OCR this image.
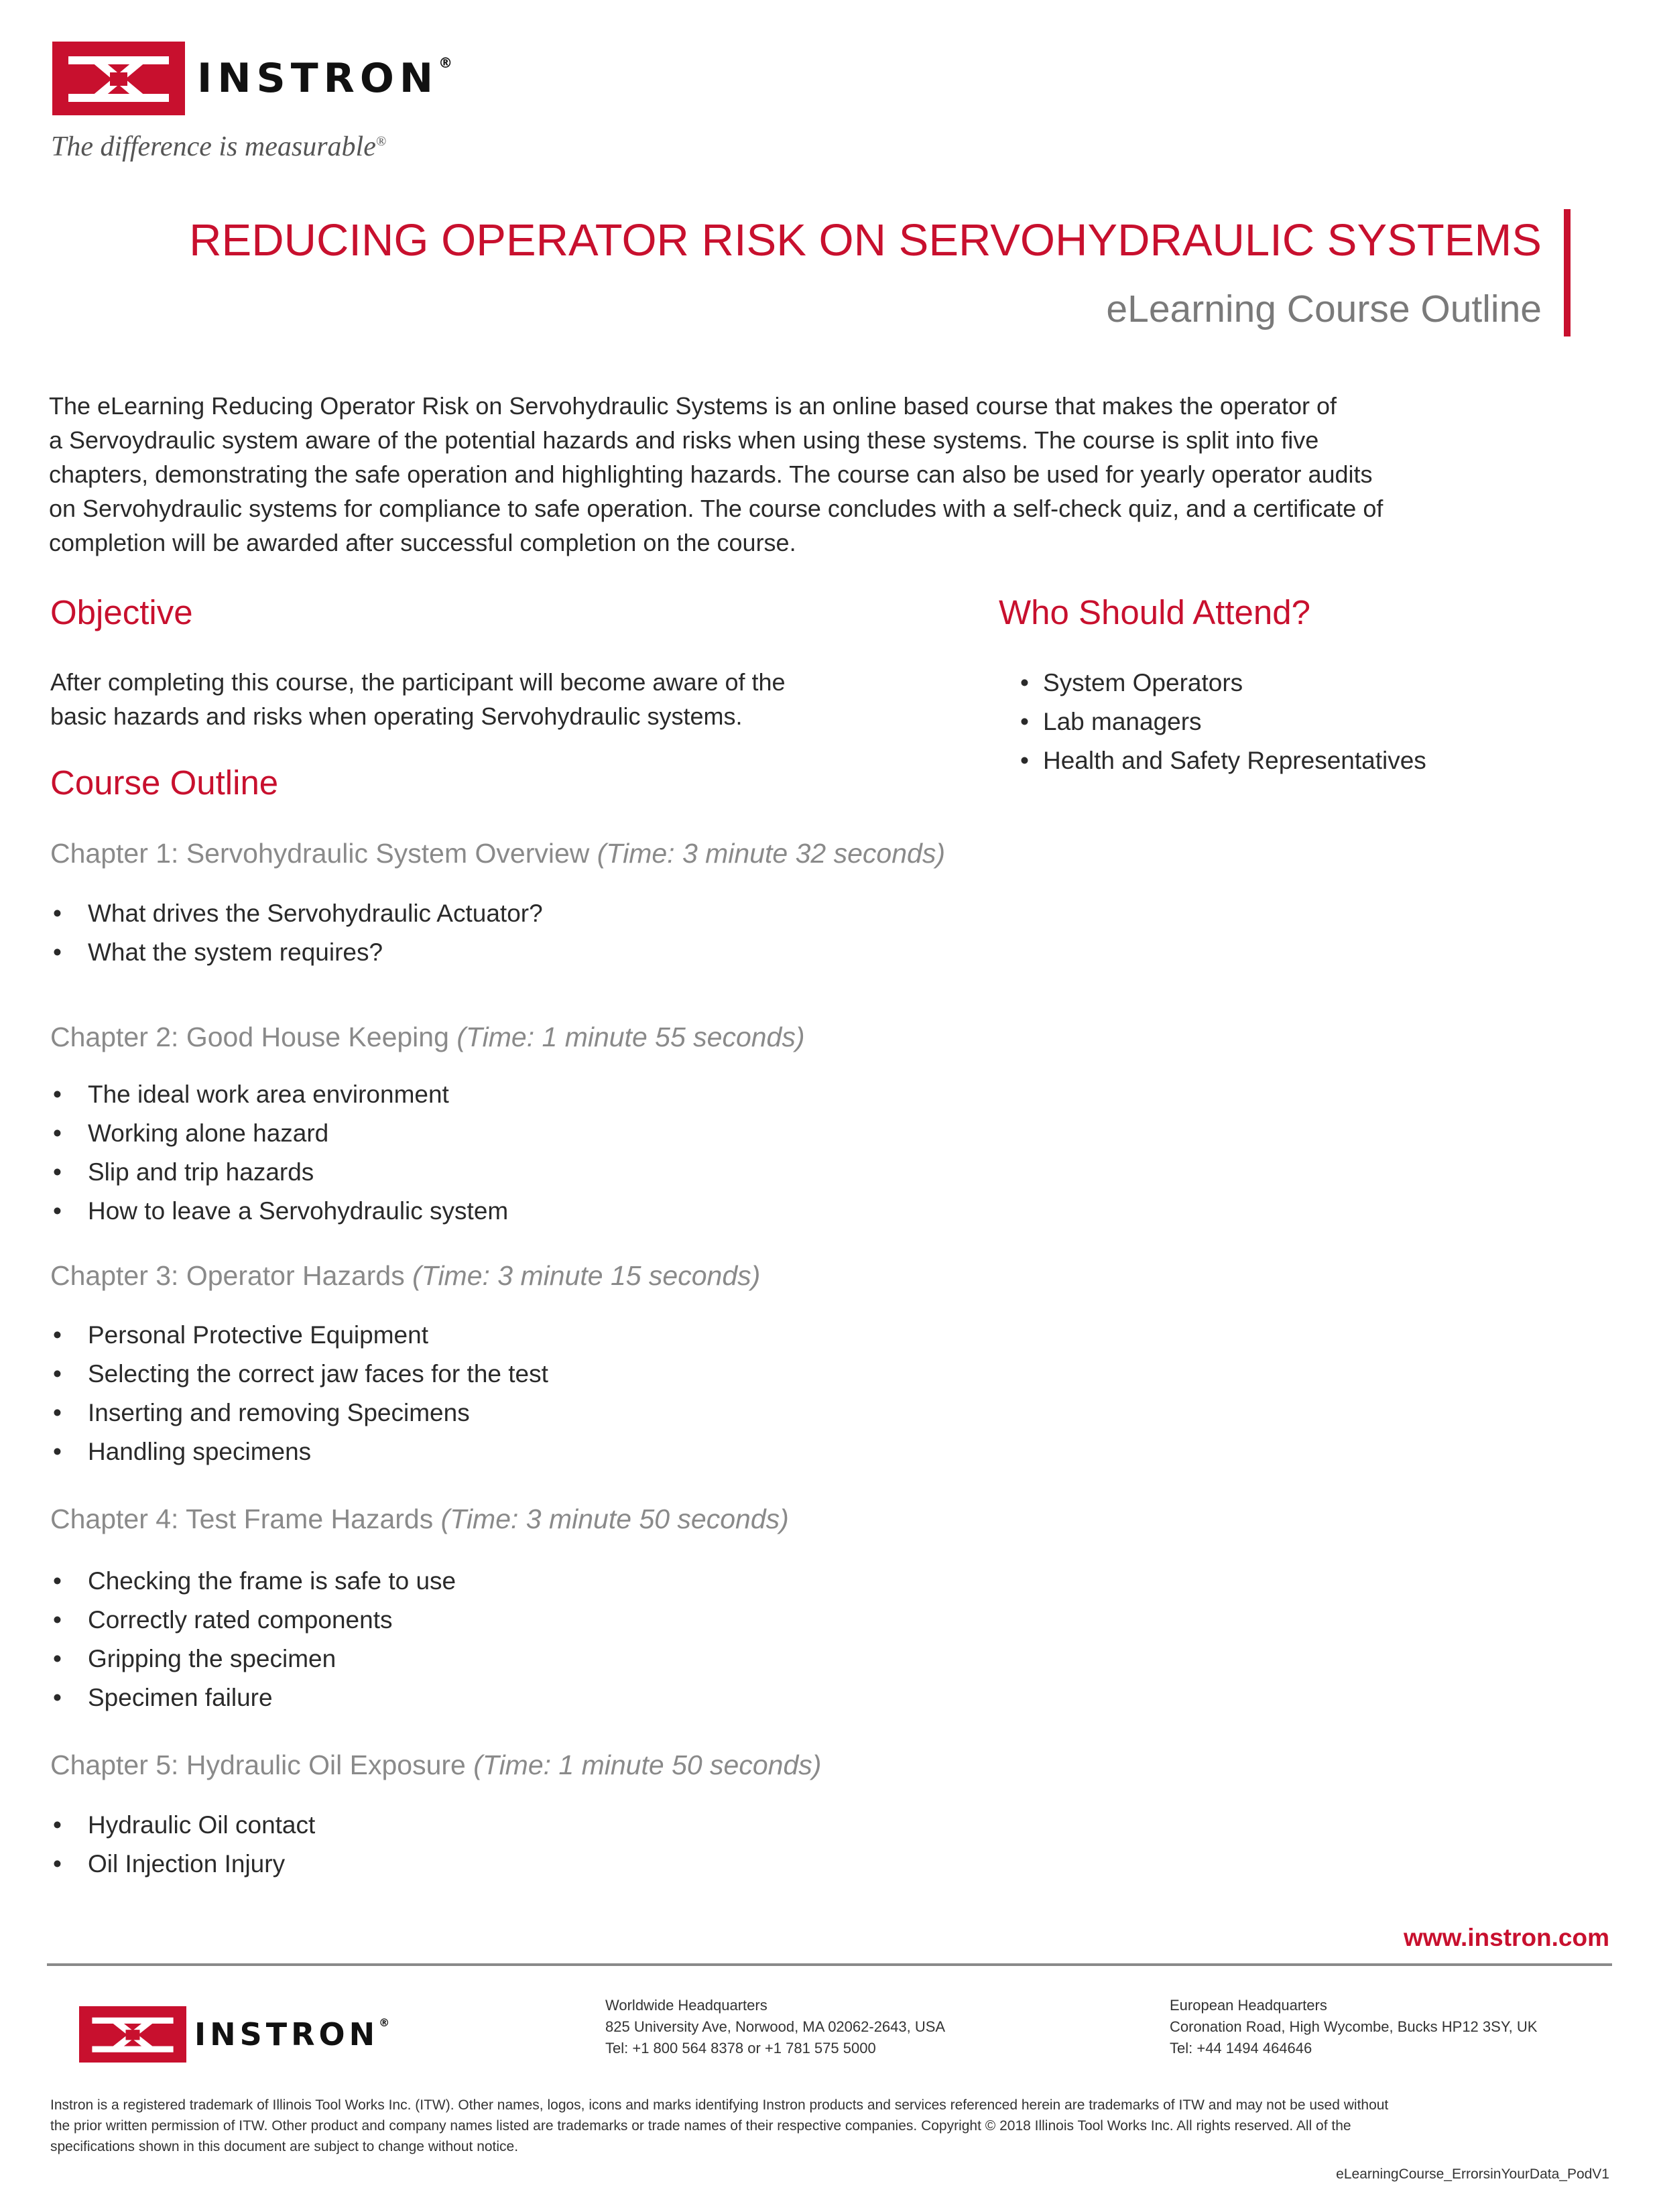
INSTRON®
The difference is measurable®
REDUCING OPERATOR RISK ON SERVOHYDRAULIC SYSTEMS
eLearning Course Outline
The eLearning Reducing Operator Risk on Servohydraulic Systems is an online based course that makes the operator of
a Servoydraulic system aware of the potential hazards and risks when using these systems. The course is split into five
chapters, demonstrating the safe operation and highlighting hazards. The course can also be used for yearly operator audits
on Servohydraulic systems for compliance to safe operation. The course concludes with a self-check quiz, and a certificate of
completion will be awarded after successful completion on the course.
Objective
After completing this course, the participant will become aware of the
basic hazards and risks when operating Servohydraulic systems.
Who Should Attend?
• System Operators
• Lab managers
• Health and Safety Representatives
Course Outline
Chapter 1: Servohydraulic System Overview (Time: 3 minute 32 seconds)
• What drives the Servohydraulic Actuator?
• What the system requires?
Chapter 2: Good House Keeping (Time: 1 minute 55 seconds)
• The ideal work area environment
• Working alone hazard
• Slip and trip hazards
• How to leave a Servohydraulic system
Chapter 3: Operator Hazards (Time: 3 minute 15 seconds)
• Personal Protective Equipment
• Selecting the correct jaw faces for the test
• Inserting and removing Specimens
• Handling specimens
Chapter 4: Test Frame Hazards (Time: 3 minute 50 seconds)
• Checking the frame is safe to use
• Correctly rated components
• Gripping the specimen
• Specimen failure
Chapter 5: Hydraulic Oil Exposure (Time: 1 minute 50 seconds)
• Hydraulic Oil contact
• Oil Injection Injury
www.instron.com
INSTRON®
Worldwide Headquarters
825 University Ave, Norwood, MA 02062-2643, USA
Tel: +1 800 564 8378 or +1 781 575 5000
European Headquarters
Coronation Road, High Wycombe, Bucks HP12 3SY, UK
Tel: +44 1494 464646
Instron is a registered trademark of Illinois Tool Works Inc. (ITW). Other names, logos, icons and marks identifying Instron products and services referenced herein are trademarks of ITW and may not be used without
the prior written permission of ITW. Other product and company names listed are trademarks or trade names of their respective companies. Copyright © 2018 Illinois Tool Works Inc. All rights reserved. All of the
specifications shown in this document are subject to change without notice.
eLearningCourse_ErrorsinYourData_PodV1
